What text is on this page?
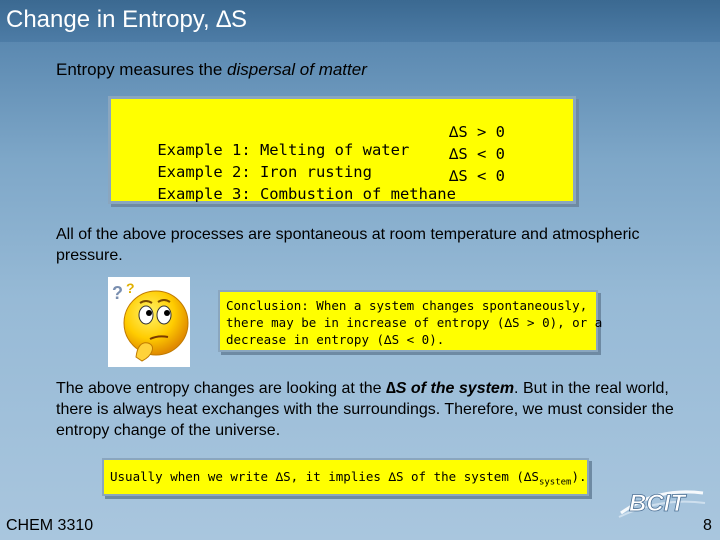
Change in Entropy, ∆S
Entropy measures the dispersal of matter

Example 1: Melting of water

∆S > 0

Example 2: Iron rusting

∆S < 0

Example 3: Combustion of methane

∆S < 0

All of the above processes are spontaneous at room temperature and atmospheric pressure.
? ?
Conclusion: When a system changes spontaneously,
there may be in increase of entropy (∆S > 0), or a
decrease in entropy (∆S < 0).
The above entropy changes are looking at the ∆S of the system. But in the real world, there is always heat exchanges with the surroundings. Therefore, we must consider the entropy change of the universe.
Usually when we write ∆S, it implies ∆S of the system $(\Delta S_{system})$.
CHEM 3310
BCIT
8
